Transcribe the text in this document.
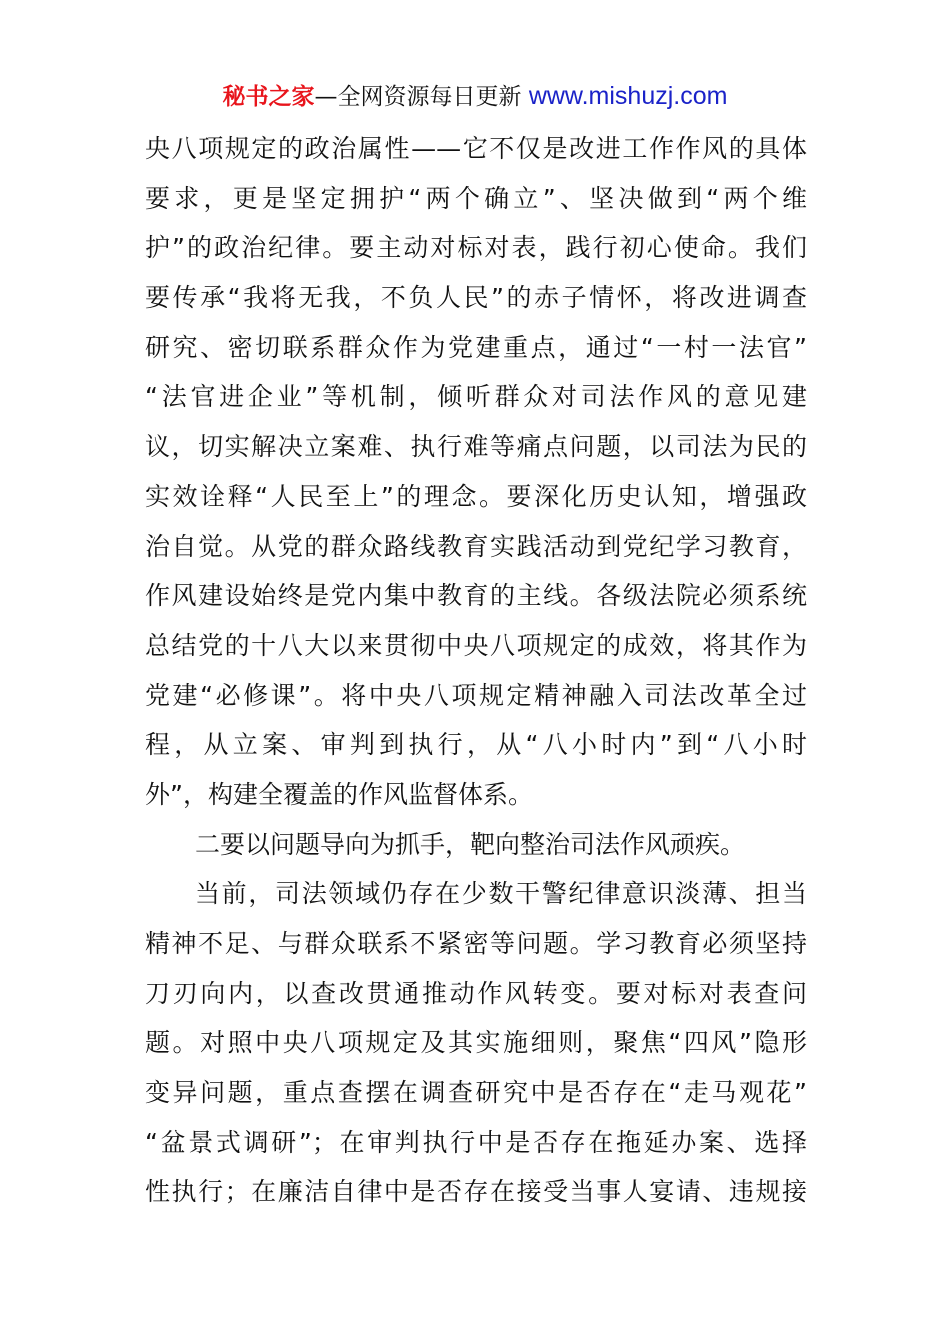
秘书之家—全网资源每日更新 www.mishuzj.com
央八项规定的政治属性——它不仅是改进工作作风的具体
要求，更是坚定拥护“两个确立”、坚决做到“两个维
护”的政治纪律。要主动对标对表，践行初心使命。我们
要传承“我将无我，不负人民”的赤子情怀，将改进调查
研究、密切联系群众作为党建重点，通过“一村一法官”
“法官进企业”等机制，倾听群众对司法作风的意见建
议，切实解决立案难、执行难等痛点问题，以司法为民的
实效诠释“人民至上”的理念。要深化历史认知，增强政
治自觉。从党的群众路线教育实践活动到党纪学习教育，
作风建设始终是党内集中教育的主线。各级法院必须系统
总结党的十八大以来贯彻中央八项规定的成效，将其作为
党建“必修课”。将中央八项规定精神融入司法改革全过
程，从立案、审判到执行，从“八小时内”到“八小时
外”，构建全覆盖的作风监督体系。
二要以问题导向为抓手，靶向整治司法作风顽疾。
当前，司法领域仍存在少数干警纪律意识淡薄、担当
精神不足、与群众联系不紧密等问题。学习教育必须坚持
刀刃向内，以查改贯通推动作风转变。要对标对表查问
题。对照中央八项规定及其实施细则，聚焦“四风”隐形
变异问题，重点查摆在调查研究中是否存在“走马观花”
“盆景式调研”；在审判执行中是否存在拖延办案、选择
性执行；在廉洁自律中是否存在接受当事人宴请、违规接
